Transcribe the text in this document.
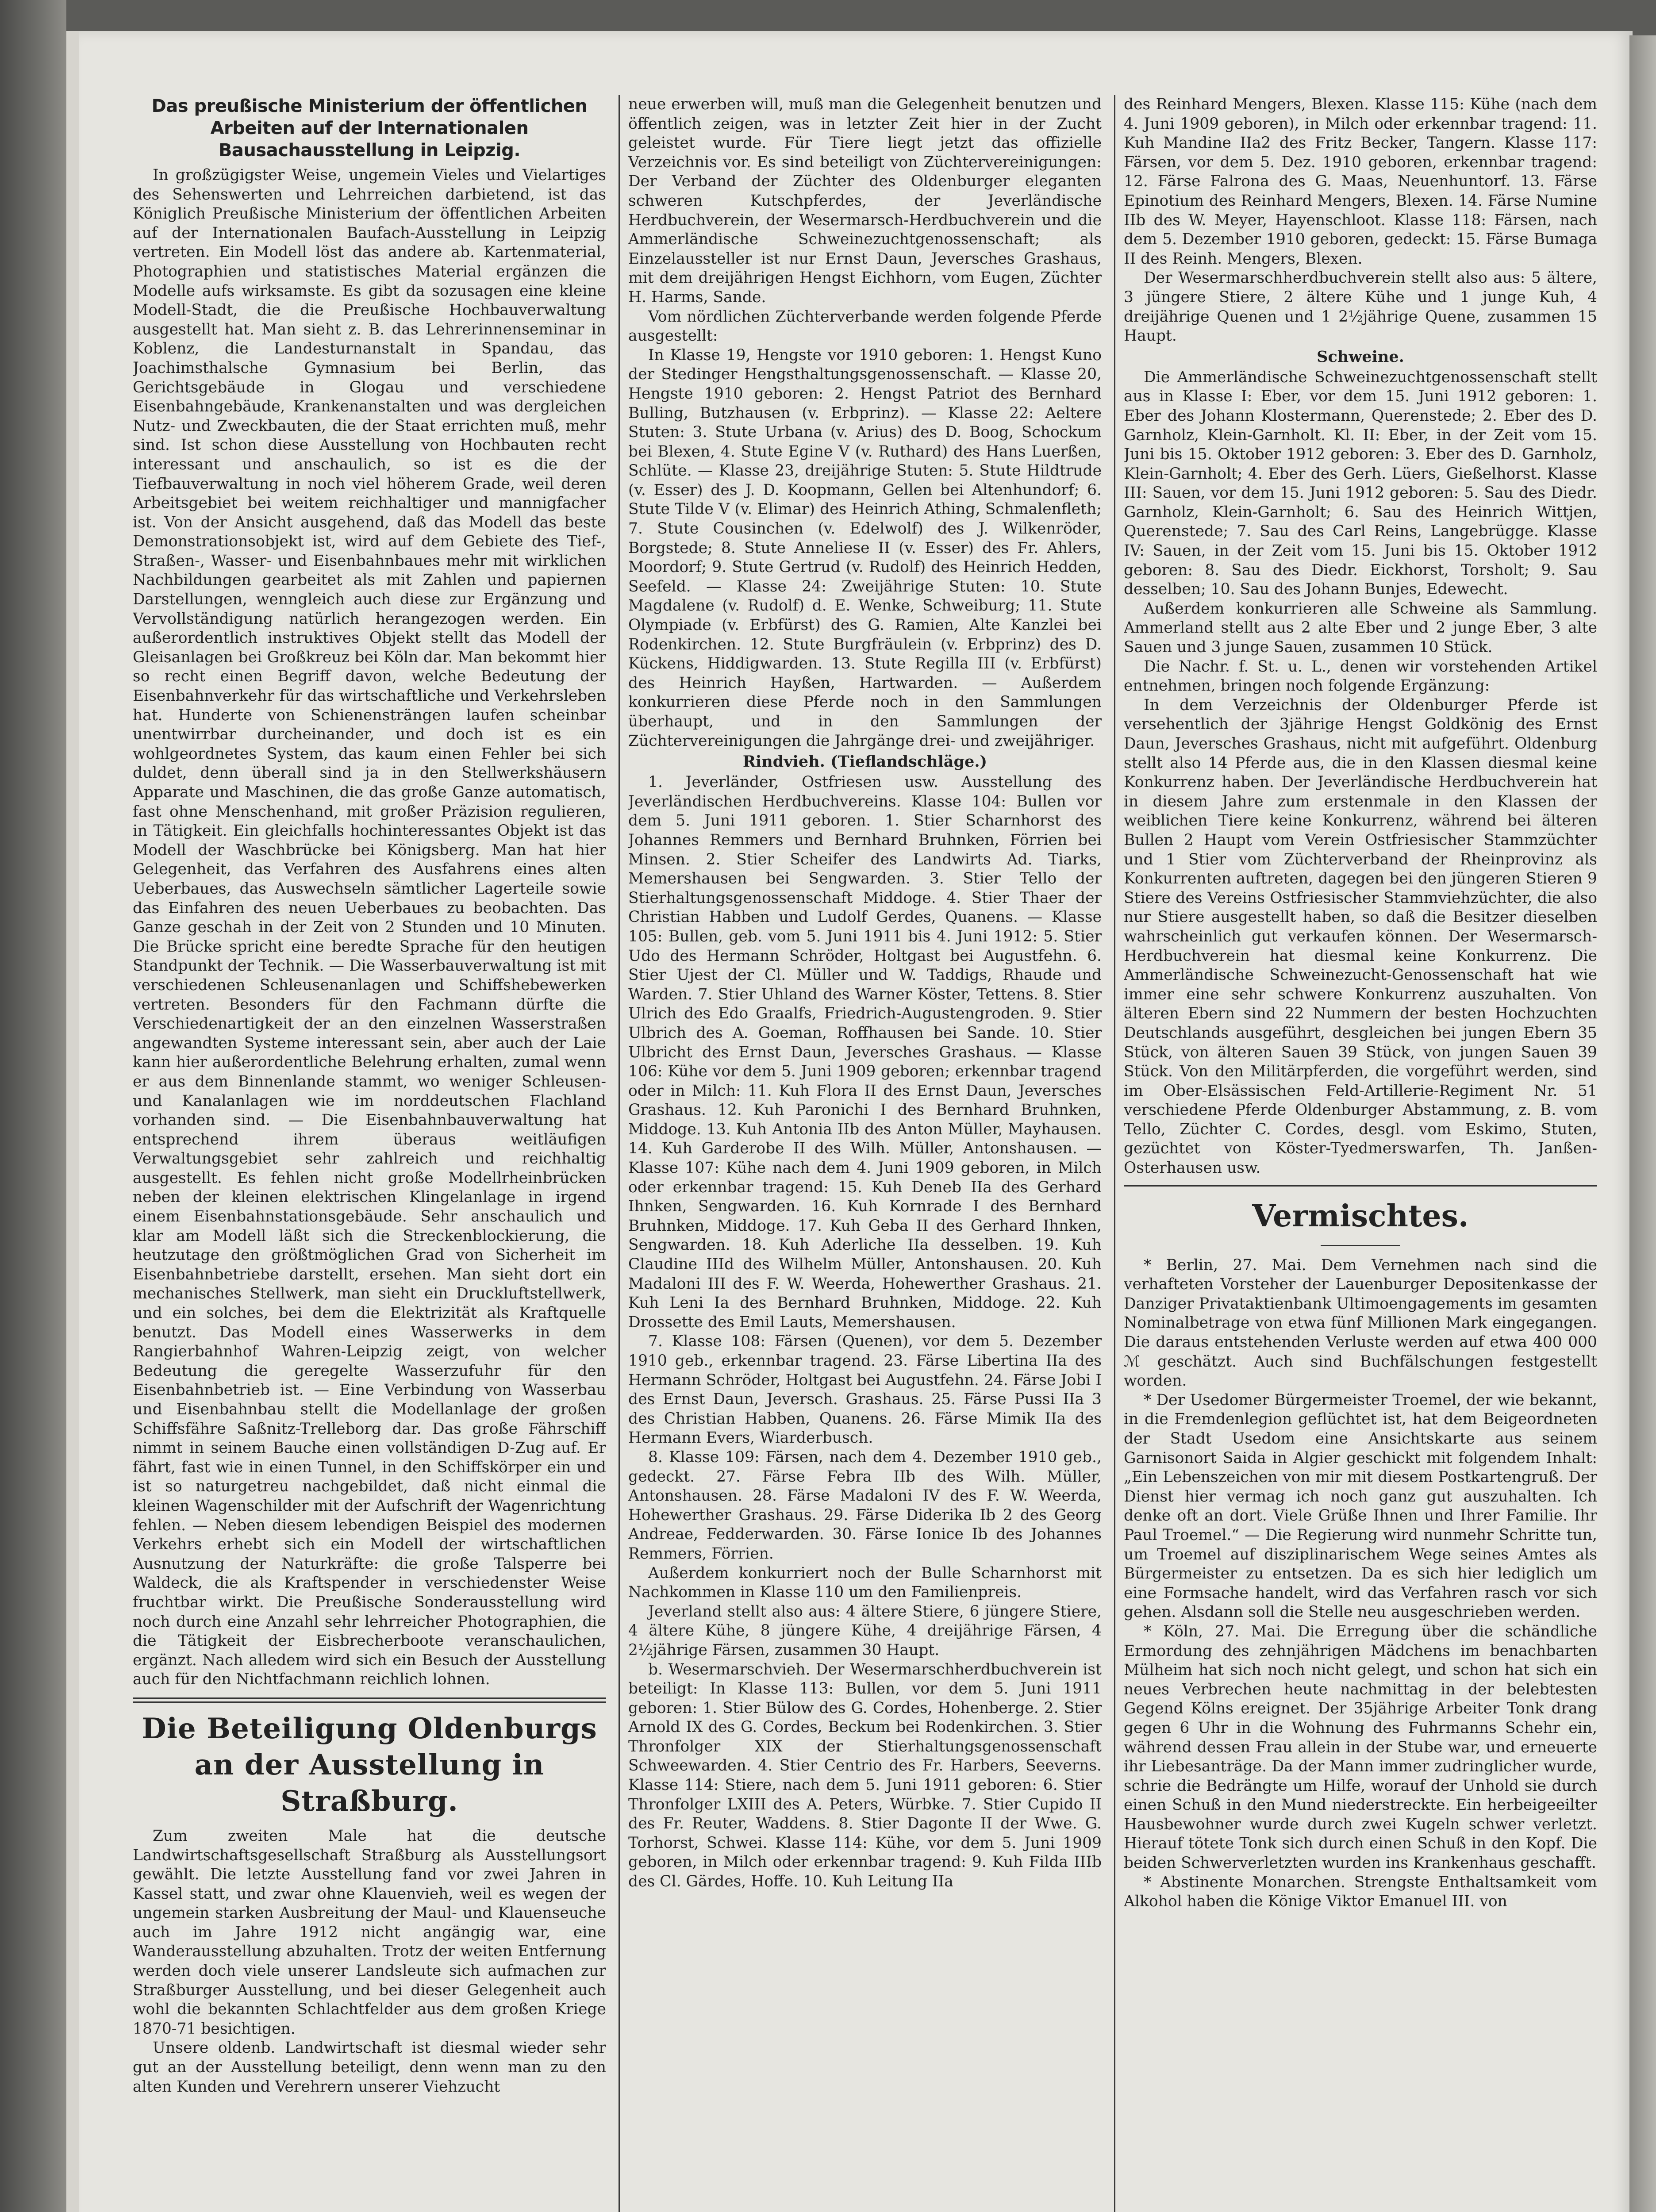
Das preußische Ministerium der öffentlichen Arbeiten auf der Internationalen Bausachausstellung in Leipzig.

In großzügigster Weise, ungemein Vieles und Vielartiges des Sehenswerten und Lehrreichen darbietend, ist das Königlich Preußische Ministerium der öffentlichen Arbeiten auf der Internationalen Baufach-Ausstellung in Leipzig vertreten. Ein Modell löst das andere ab. Kartenmaterial, Photographien und statistisches Material ergänzen die Modelle aufs wirksamste. Es gibt da sozusagen eine kleine Modell-Stadt, die die Preußische Hochbauverwaltung ausgestellt hat. Man sieht z. B. das Lehrerinnenseminar in Koblenz, die Landesturnanstalt in Spandau, das Joachimsthalsche Gymnasium bei Berlin, das Gerichtsgebäude in Glogau und verschiedene Eisenbahngebäude, Krankenanstalten und was dergleichen Nutz- und Zweckbauten, die der Staat errichten muß, mehr sind. Ist schon diese Ausstellung von Hochbauten recht interessant und anschaulich, so ist es die der Tiefbauverwaltung in noch viel höherem Grade, weil deren Arbeitsgebiet bei weitem reichhaltiger und mannigfacher ist. Von der Ansicht ausgehend, daß das Modell das beste Demonstrationsobjekt ist, wird auf dem Gebiete des Tief-, Straßen-, Wasser- und Eisenbahnbaues mehr mit wirklichen Nachbildungen gearbeitet als mit Zahlen und papiernen Darstellungen, wenngleich auch diese zur Ergänzung und Vervollständigung natürlich herangezogen werden. Ein außerordentlich instruktives Objekt stellt das Modell der Gleisanlagen bei Großkreuz bei Köln dar. Man bekommt hier so recht einen Begriff davon, welche Bedeutung der Eisenbahnverkehr für das wirtschaftliche und Verkehrsleben hat. Hunderte von Schienensträngen laufen scheinbar unentwirrbar durcheinander, und doch ist es ein wohlgeordnetes System, das kaum einen Fehler bei sich duldet, denn überall sind ja in den Stellwerkshäusern Apparate und Maschinen, die das große Ganze automatisch, fast ohne Menschenhand, mit großer Präzision regulieren, in Tätigkeit. Ein gleichfalls hochinteressantes Objekt ist das Modell der Waschbrücke bei Königsberg. Man hat hier Gelegenheit, das Verfahren des Ausfahrens eines alten Ueberbaues, das Auswechseln sämtlicher Lagerteile sowie das Einfahren des neuen Ueberbaues zu beobachten. Das Ganze geschah in der Zeit von 2 Stunden und 10 Minuten. Die Brücke spricht eine beredte Sprache für den heutigen Standpunkt der Technik. — Die Wasserbauverwaltung ist mit verschiedenen Schleusenanlagen und Schiffshebewerken vertreten. Besonders für den Fachmann dürfte die Verschiedenartigkeit der an den einzelnen Wasserstraßen angewandten Systeme interessant sein, aber auch der Laie kann hier außerordentliche Belehrung erhalten, zumal wenn er aus dem Binnenlande stammt, wo weniger Schleusen- und Kanalanlagen wie im norddeutschen Flachland vorhanden sind. — Die Eisenbahnbauverwaltung hat entsprechend ihrem überaus weitläufigen Verwaltungsgebiet sehr zahlreich und reichhaltig ausgestellt. Es fehlen nicht große Modellrheinbrücken neben der kleinen elektrischen Klingelanlage in irgend einem Eisenbahnstationsgebäude. Sehr anschaulich und klar am Modell läßt sich die Streckenblockierung, die heutzutage den größtmöglichen Grad von Sicherheit im Eisenbahnbetriebe darstellt, ersehen. Man sieht dort ein mechanisches Stellwerk, man sieht ein Druckluftstellwerk, und ein solches, bei dem die Elektrizität als Kraftquelle benutzt. Das Modell eines Wasserwerks in dem Rangierbahnhof Wahren-Leipzig zeigt, von welcher Bedeutung die geregelte Wasserzufuhr für den Eisenbahnbetrieb ist. — Eine Verbindung von Wasserbau und Eisenbahnbau stellt die Modellanlage der großen Schiffsfähre Saßnitz-Trelleborg dar. Das große Fährschiff nimmt in seinem Bauche einen vollständigen D-Zug auf. Er fährt, fast wie in einen Tunnel, in den Schiffskörper ein und ist so naturgetreu nachgebildet, daß nicht einmal die kleinen Wagenschilder mit der Aufschrift der Wagenrichtung fehlen. — Neben diesem lebendigen Beispiel des modernen Verkehrs erhebt sich ein Modell der wirtschaftlichen Ausnutzung der Naturkräfte: die große Talsperre bei Waldeck, die als Kraftspender in verschiedenster Weise fruchtbar wirkt. Die Preußische Sonderausstellung wird noch durch eine Anzahl sehr lehrreicher Photographien, die die Tätigkeit der Eisbrecherboote veranschaulichen, ergänzt. Nach alledem wird sich ein Besuch der Ausstellung auch für den Nichtfachmann reichlich lohnen.

Die Beteiligung Oldenburgs an der Ausstellung in Straßburg.

Zum zweiten Male hat die deutsche Landwirtschaftsgesellschaft Straßburg als Ausstellungsort gewählt. Die letzte Ausstellung fand vor zwei Jahren in Kassel statt, und zwar ohne Klauenvieh, weil es wegen der ungemein starken Ausbreitung der Maul- und Klauenseuche auch im Jahre 1912 nicht angängig war, eine Wanderausstellung abzuhalten. Trotz der weiten Entfernung werden doch viele unserer Landsleute sich aufmachen zur Straßburger Ausstellung, und bei dieser Gelegenheit auch wohl die bekannten Schlachtfelder aus dem großen Kriege 1870-71 besichtigen.

Unsere oldenb. Landwirtschaft ist diesmal wieder sehr gut an der Ausstellung beteiligt, denn wenn man zu den alten Kunden und Verehrern unserer Viehzucht

neue erwerben will, muß man die Gelegenheit benutzen und öffentlich zeigen, was in letzter Zeit hier in der Zucht geleistet wurde. Für Tiere liegt jetzt das offizielle Verzeichnis vor. Es sind beteiligt von Züchtervereinigungen: Der Verband der Züchter des Oldenburger eleganten schweren Kutschpferdes, der Jeverländische Herdbuchverein, der Wesermarsch-Herdbuchverein und die Ammerländische Schweinezuchtgenossenschaft; als Einzelaussteller ist nur Ernst Daun, Jeversches Grashaus, mit dem dreijährigen Hengst Eichhorn, vom Eugen, Züchter H. Harms, Sande.

Vom nördlichen Züchterverbande werden folgende Pferde ausgestellt:

In Klasse 19, Hengste vor 1910 geboren: 1. Hengst Kuno der Stedinger Hengsthaltungsgenossenschaft. — Klasse 20, Hengste 1910 geboren: 2. Hengst Patriot des Bernhard Bulling, Butzhausen (v. Erbprinz). — Klasse 22: Aeltere Stuten: 3. Stute Urbana (v. Arius) des D. Boog, Schockum bei Blexen, 4. Stute Egine V (v. Ruthard) des Hans Luerßen, Schlüte. — Klasse 23, dreijährige Stuten: 5. Stute Hildtrude (v. Esser) des J. D. Koopmann, Gellen bei Altenhundorf; 6. Stute Tilde V (v. Elimar) des Heinrich Athing, Schmalenfleth; 7. Stute Cousinchen (v. Edelwolf) des J. Wilkenröder, Borgstede; 8. Stute Anneliese II (v. Esser) des Fr. Ahlers, Moordorf; 9. Stute Gertrud (v. Rudolf) des Heinrich Hedden, Seefeld. — Klasse 24: Zweijährige Stuten: 10. Stute Magdalene (v. Rudolf) d. E. Wenke, Schweiburg; 11. Stute Olympiade (v. Erbfürst) des G. Ramien, Alte Kanzlei bei Rodenkirchen. 12. Stute Burgfräulein (v. Erbprinz) des D. Kückens, Hiddigwarden. 13. Stute Regilla III (v. Erbfürst) des Heinrich Hayßen, Hartwarden. — Außerdem konkurrieren diese Pferde noch in den Sammlungen überhaupt, und in den Sammlungen der Züchtervereinigungen die Jahrgänge drei- und zweijähriger.

Rindvieh. (Tieflandschläge.)

1. Jeverländer, Ostfriesen usw. Ausstellung des Jeverländischen Herdbuchvereins. Klasse 104: Bullen vor dem 5. Juni 1911 geboren. 1. Stier Scharnhorst des Johannes Remmers und Bernhard Bruhnken, Förrien bei Minsen. 2. Stier Scheifer des Landwirts Ad. Tiarks, Memershausen bei Sengwarden. 3. Stier Tello der Stierhaltungsgenossenschaft Middoge. 4. Stier Thaer der Christian Habben und Ludolf Gerdes, Quanens. — Klasse 105: Bullen, geb. vom 5. Juni 1911 bis 4. Juni 1912: 5. Stier Udo des Hermann Schröder, Holtgast bei Augustfehn. 6. Stier Ujest der Cl. Müller und W. Taddigs, Rhaude und Warden. 7. Stier Uhland des Warner Köster, Tettens. 8. Stier Ulrich des Edo Graalfs, Friedrich-Augustengroden. 9. Stier Ulbrich des A. Goeman, Roffhausen bei Sande. 10. Stier Ulbricht des Ernst Daun, Jeversches Grashaus. — Klasse 106: Kühe vor dem 5. Juni 1909 geboren; erkennbar tragend oder in Milch: 11. Kuh Flora II des Ernst Daun, Jeversches Grashaus. 12. Kuh Paronichi I des Bernhard Bruhnken, Middoge. 13. Kuh Antonia IIb des Anton Müller, Mayhausen. 14. Kuh Garderobe II des Wilh. Müller, Antonshausen. — Klasse 107: Kühe nach dem 4. Juni 1909 geboren, in Milch oder erkennbar tragend: 15. Kuh Deneb IIa des Gerhard Ihnken, Sengwarden. 16. Kuh Kornrade I des Bernhard Bruhnken, Middoge. 17. Kuh Geba II des Gerhard Ihnken, Sengwarden. 18. Kuh Aderliche IIa desselben. 19. Kuh Claudine IIId des Wilhelm Müller, Antonshausen. 20. Kuh Madaloni III des F. W. Weerda, Hohewerther Grashaus. 21. Kuh Leni Ia des Bernhard Bruhnken, Middoge. 22. Kuh Drossette des Emil Lauts, Memershausen.

7. Klasse 108: Färsen (Quenen), vor dem 5. Dezember 1910 geb., erkennbar tragend. 23. Färse Libertina IIa des Hermann Schröder, Holtgast bei Augustfehn. 24. Färse Jobi I des Ernst Daun, Jeversch. Grashaus. 25. Färse Pussi IIa 3 des Christian Habben, Quanens. 26. Färse Mimik IIa des Hermann Evers, Wiarderbusch.

8. Klasse 109: Färsen, nach dem 4. Dezember 1910 geb., gedeckt. 27. Färse Febra IIb des Wilh. Müller, Antonshausen. 28. Färse Madaloni IV des F. W. Weerda, Hohewerther Grashaus. 29. Färse Diderika Ib 2 des Georg Andreae, Fedderwarden. 30. Färse Ionice Ib des Johannes Remmers, Förrien.

Außerdem konkurriert noch der Bulle Scharnhorst mit Nachkommen in Klasse 110 um den Familienpreis.

Jeverland stellt also aus: 4 ältere Stiere, 6 jüngere Stiere, 4 ältere Kühe, 8 jüngere Kühe, 4 dreijährige Färsen, 4 2½jährige Färsen, zusammen 30 Haupt.

b. Wesermarschvieh. Der Wesermarschherdbuchverein ist beteiligt: In Klasse 113: Bullen, vor dem 5. Juni 1911 geboren: 1. Stier Bülow des G. Cordes, Hohenberge. 2. Stier Arnold IX des G. Cordes, Beckum bei Rodenkirchen. 3. Stier Thronfolger XIX der Stierhaltungsgenossenschaft Schweewarden. 4. Stier Centrio des Fr. Harbers, Seeverns. Klasse 114: Stiere, nach dem 5. Juni 1911 geboren: 6. Stier Thronfolger LXIII des A. Peters, Würbke. 7. Stier Cupido II des Fr. Reuter, Waddens. 8. Stier Dagonte II der Wwe. G. Torhorst, Schwei. Klasse 114: Kühe, vor dem 5. Juni 1909 geboren, in Milch oder erkennbar tragend: 9. Kuh Filda IIIb des Cl. Gärdes, Hoffe. 10. Kuh Leitung IIa

des Reinhard Mengers, Blexen. Klasse 115: Kühe (nach dem 4. Juni 1909 geboren), in Milch oder erkennbar tragend: 11. Kuh Mandine IIa2 des Fritz Becker, Tangern. Klasse 117: Färsen, vor dem 5. Dez. 1910 geboren, erkennbar tragend: 12. Färse Falrona des G. Maas, Neuenhuntorf. 13. Färse Epinotium des Reinhard Mengers, Blexen. 14. Färse Numine IIb des W. Meyer, Hayenschloot. Klasse 118: Färsen, nach dem 5. Dezember 1910 geboren, gedeckt: 15. Färse Bumaga II des Reinh. Mengers, Blexen.

Der Wesermarschherdbuchverein stellt also aus: 5 ältere, 3 jüngere Stiere, 2 ältere Kühe und 1 junge Kuh, 4 dreijährige Quenen und 1 2½jährige Quene, zusammen 15 Haupt.

Schweine.

Die Ammerländische Schweinezuchtgenossenschaft stellt aus in Klasse I: Eber, vor dem 15. Juni 1912 geboren: 1. Eber des Johann Klostermann, Querenstede; 2. Eber des D. Garnholz, Klein-Garnholt. Kl. II: Eber, in der Zeit vom 15. Juni bis 15. Oktober 1912 geboren: 3. Eber des D. Garnholz, Klein-Garnholt; 4. Eber des Gerh. Lüers, Gießelhorst. Klasse III: Sauen, vor dem 15. Juni 1912 geboren: 5. Sau des Diedr. Garnholz, Klein-Garnholt; 6. Sau des Heinrich Wittjen, Querenstede; 7. Sau des Carl Reins, Langebrügge. Klasse IV: Sauen, in der Zeit vom 15. Juni bis 15. Oktober 1912 geboren: 8. Sau des Diedr. Eickhorst, Torsholt; 9. Sau desselben; 10. Sau des Johann Bunjes, Edewecht.

Außerdem konkurrieren alle Schweine als Sammlung. Ammerland stellt aus 2 alte Eber und 2 junge Eber, 3 alte Sauen und 3 junge Sauen, zusammen 10 Stück.

Die Nachr. f. St. u. L., denen wir vorstehenden Artikel entnehmen, bringen noch folgende Ergänzung:

In dem Verzeichnis der Oldenburger Pferde ist versehentlich der 3jährige Hengst Goldkönig des Ernst Daun, Jeversches Grashaus, nicht mit aufgeführt. Oldenburg stellt also 14 Pferde aus, die in den Klassen diesmal keine Konkurrenz haben. Der Jeverländische Herdbuchverein hat in diesem Jahre zum erstenmale in den Klassen der weiblichen Tiere keine Konkurrenz, während bei älteren Bullen 2 Haupt vom Verein Ostfriesischer Stammzüchter und 1 Stier vom Züchterverband der Rheinprovinz als Konkurrenten auftreten, dagegen bei den jüngeren Stieren 9 Stiere des Vereins Ostfriesischer Stammviehzüchter, die also nur Stiere ausgestellt haben, so daß die Besitzer dieselben wahrscheinlich gut verkaufen können. Der Wesermarsch-Herdbuchverein hat diesmal keine Konkurrenz. Die Ammerländische Schweinezucht-Genossenschaft hat wie immer eine sehr schwere Konkurrenz auszuhalten. Von älteren Ebern sind 22 Nummern der besten Hochzuchten Deutschlands ausgeführt, desgleichen bei jungen Ebern 35 Stück, von älteren Sauen 39 Stück, von jungen Sauen 39 Stück. Von den Militärpferden, die vorgeführt werden, sind im Ober-Elsässischen Feld-Artillerie-Regiment Nr. 51 verschiedene Pferde Oldenburger Abstammung, z. B. vom Tello, Züchter C. Cordes, desgl. vom Eskimo, Stuten, gezüchtet von Köster-Tyedmerswarfen, Th. Janßen-Osterhausen usw.

Vermischtes.

* Berlin, 27. Mai. Dem Vernehmen nach sind die verhafteten Vorsteher der Lauenburger Depositenkasse der Danziger Privataktienbank Ultimoengagements im gesamten Nominalbetrage von etwa fünf Millionen Mark eingegangen. Die daraus entstehenden Verluste werden auf etwa 400 000 ℳ geschätzt. Auch sind Buchfälschungen festgestellt worden.

* Der Usedomer Bürgermeister Troemel, der wie bekannt, in die Fremdenlegion geflüchtet ist, hat dem Beigeordneten der Stadt Usedom eine Ansichtskarte aus seinem Garnisonort Saida in Algier geschickt mit folgendem Inhalt: „Ein Lebenszeichen von mir mit diesem Postkartengruß. Der Dienst hier vermag ich noch ganz gut auszuhalten. Ich denke oft an dort. Viele Grüße Ihnen und Ihrer Familie. Ihr Paul Troemel.“ — Die Regierung wird nunmehr Schritte tun, um Troemel auf disziplinarischem Wege seines Amtes als Bürgermeister zu entsetzen. Da es sich hier lediglich um eine Formsache handelt, wird das Verfahren rasch vor sich gehen. Alsdann soll die Stelle neu ausgeschrieben werden.

* Köln, 27. Mai. Die Erregung über die schändliche Ermordung des zehnjährigen Mädchens im benachbarten Mülheim hat sich noch nicht gelegt, und schon hat sich ein neues Verbrechen heute nachmittag in der belebtesten Gegend Kölns ereignet. Der 35jährige Arbeiter Tonk drang gegen 6 Uhr in die Wohnung des Fuhrmanns Schehr ein, während dessen Frau allein in der Stube war, und erneuerte ihr Liebesanträge. Da der Mann immer zudringlicher wurde, schrie die Bedrängte um Hilfe, worauf der Unhold sie durch einen Schuß in den Mund niederstreckte. Ein herbeigeeilter Hausbewohner wurde durch zwei Kugeln schwer verletzt. Hierauf tötete Tonk sich durch einen Schuß in den Kopf. Die beiden Schwerverletzten wurden ins Krankenhaus geschafft.

* Abstinente Monarchen. Strengste Enthaltsamkeit vom Alkohol haben die Könige Viktor Emanuel III. von
